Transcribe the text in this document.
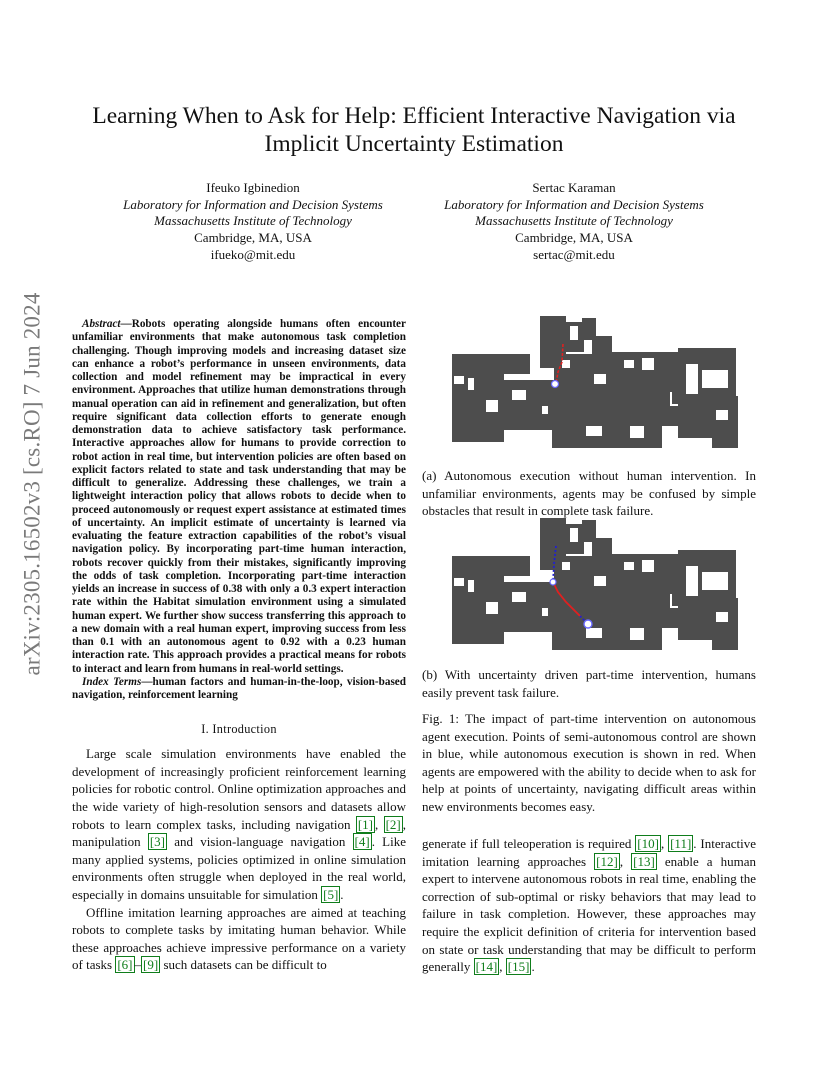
arXiv:2305.16502v3 [cs.RO] 7 Jun 2024
Learning When to Ask for Help: Efficient Interactive Navigation via Implicit Uncertainty Estimation
Ifeuko Igbinedion
Laboratory for Information and Decision Systems
Massachusetts Institute of Technology
Cambridge, MA, USA
ifueko@mit.edu
Sertac Karaman
Laboratory for Information and Decision Systems
Massachusetts Institute of Technology
Cambridge, MA, USA
sertac@mit.edu

Abstract—Robots operating alongside humans often encounter unfamiliar environments that make autonomous task completion challenging. Though improving models and increasing dataset size can enhance a robot’s performance in unseen environments, data collection and model refinement may be impractical in every environment. Approaches that utilize human demonstrations through manual operation can aid in refinement and generalization, but often require significant data collection efforts to generate enough demonstration data to achieve satisfactory task performance. Interactive approaches allow for humans to provide correction to robot action in real time, but intervention policies are often based on explicit factors related to state and task understanding that may be difficult to generalize. Addressing these challenges, we train a lightweight interaction policy that allows robots to decide when to proceed autonomously or request expert assistance at estimated times of uncertainty. An implicit estimate of uncertainty is learned via evaluating the feature extraction capabilities of the robot’s visual navigation policy. By incorporating part-time human interaction, robots recover quickly from their mistakes, significantly improving the odds of task completion. Incorporating part-time interaction yields an increase in success of 0.38 with only a 0.3 expert interaction rate within the Habitat simulation environment using a simulated human expert. We further show success transferring this approach to a new domain with a real human expert, improving success from less than 0.1 with an autonomous agent to 0.92 with a 0.23 human interaction rate. This approach provides a practical means for robots to interact and learn from humans in real-world settings.

Index Terms—human factors and human-in-the-loop, vision-based navigation, reinforcement learning

I. Introduction

Large scale simulation environments have enabled the development of increasingly proficient reinforcement learning policies for robotic control. Online optimization approaches and the wide variety of high-resolution sensors and datasets allow robots to learn complex tasks, including navigation [1] , [2] , manipulation [3] and vision-language navigation [4] . Like many applied systems, policies optimized in online simulation environments often struggle when deployed in the real world, especially in domains unsuitable for simulation [5] .

Offline imitation learning approaches are aimed at teaching robots to complete tasks by imitating human behavior. While these approaches achieve impressive performance on a variety of tasks [6] – [9] such datasets can be difficult to

(a) Autonomous execution without human intervention. In unfamiliar environments, agents may be confused by simple obstacles that result in complete task failure.

(b) With uncertainty driven part-time intervention, humans easily prevent task failure.

Fig. 1: The impact of part-time intervention on autonomous agent execution. Points of semi-autonomous control are shown in blue, while autonomous execution is shown in red. When agents are empowered with the ability to decide when to ask for help at points of uncertainty, navigating difficult areas within new environments becomes easy.

generate if full teleoperation is required [10] , [11] . Interactive imitation learning approaches [12] , [13] enable a human expert to intervene autonomous robots in real time, enabling the correction of sub-optimal or risky behaviors that may lead to failure in task completion. However, these approaches may require the explicit definition of criteria for intervention based on state or task understanding that may be difficult to perform generally [14] , [15] .
